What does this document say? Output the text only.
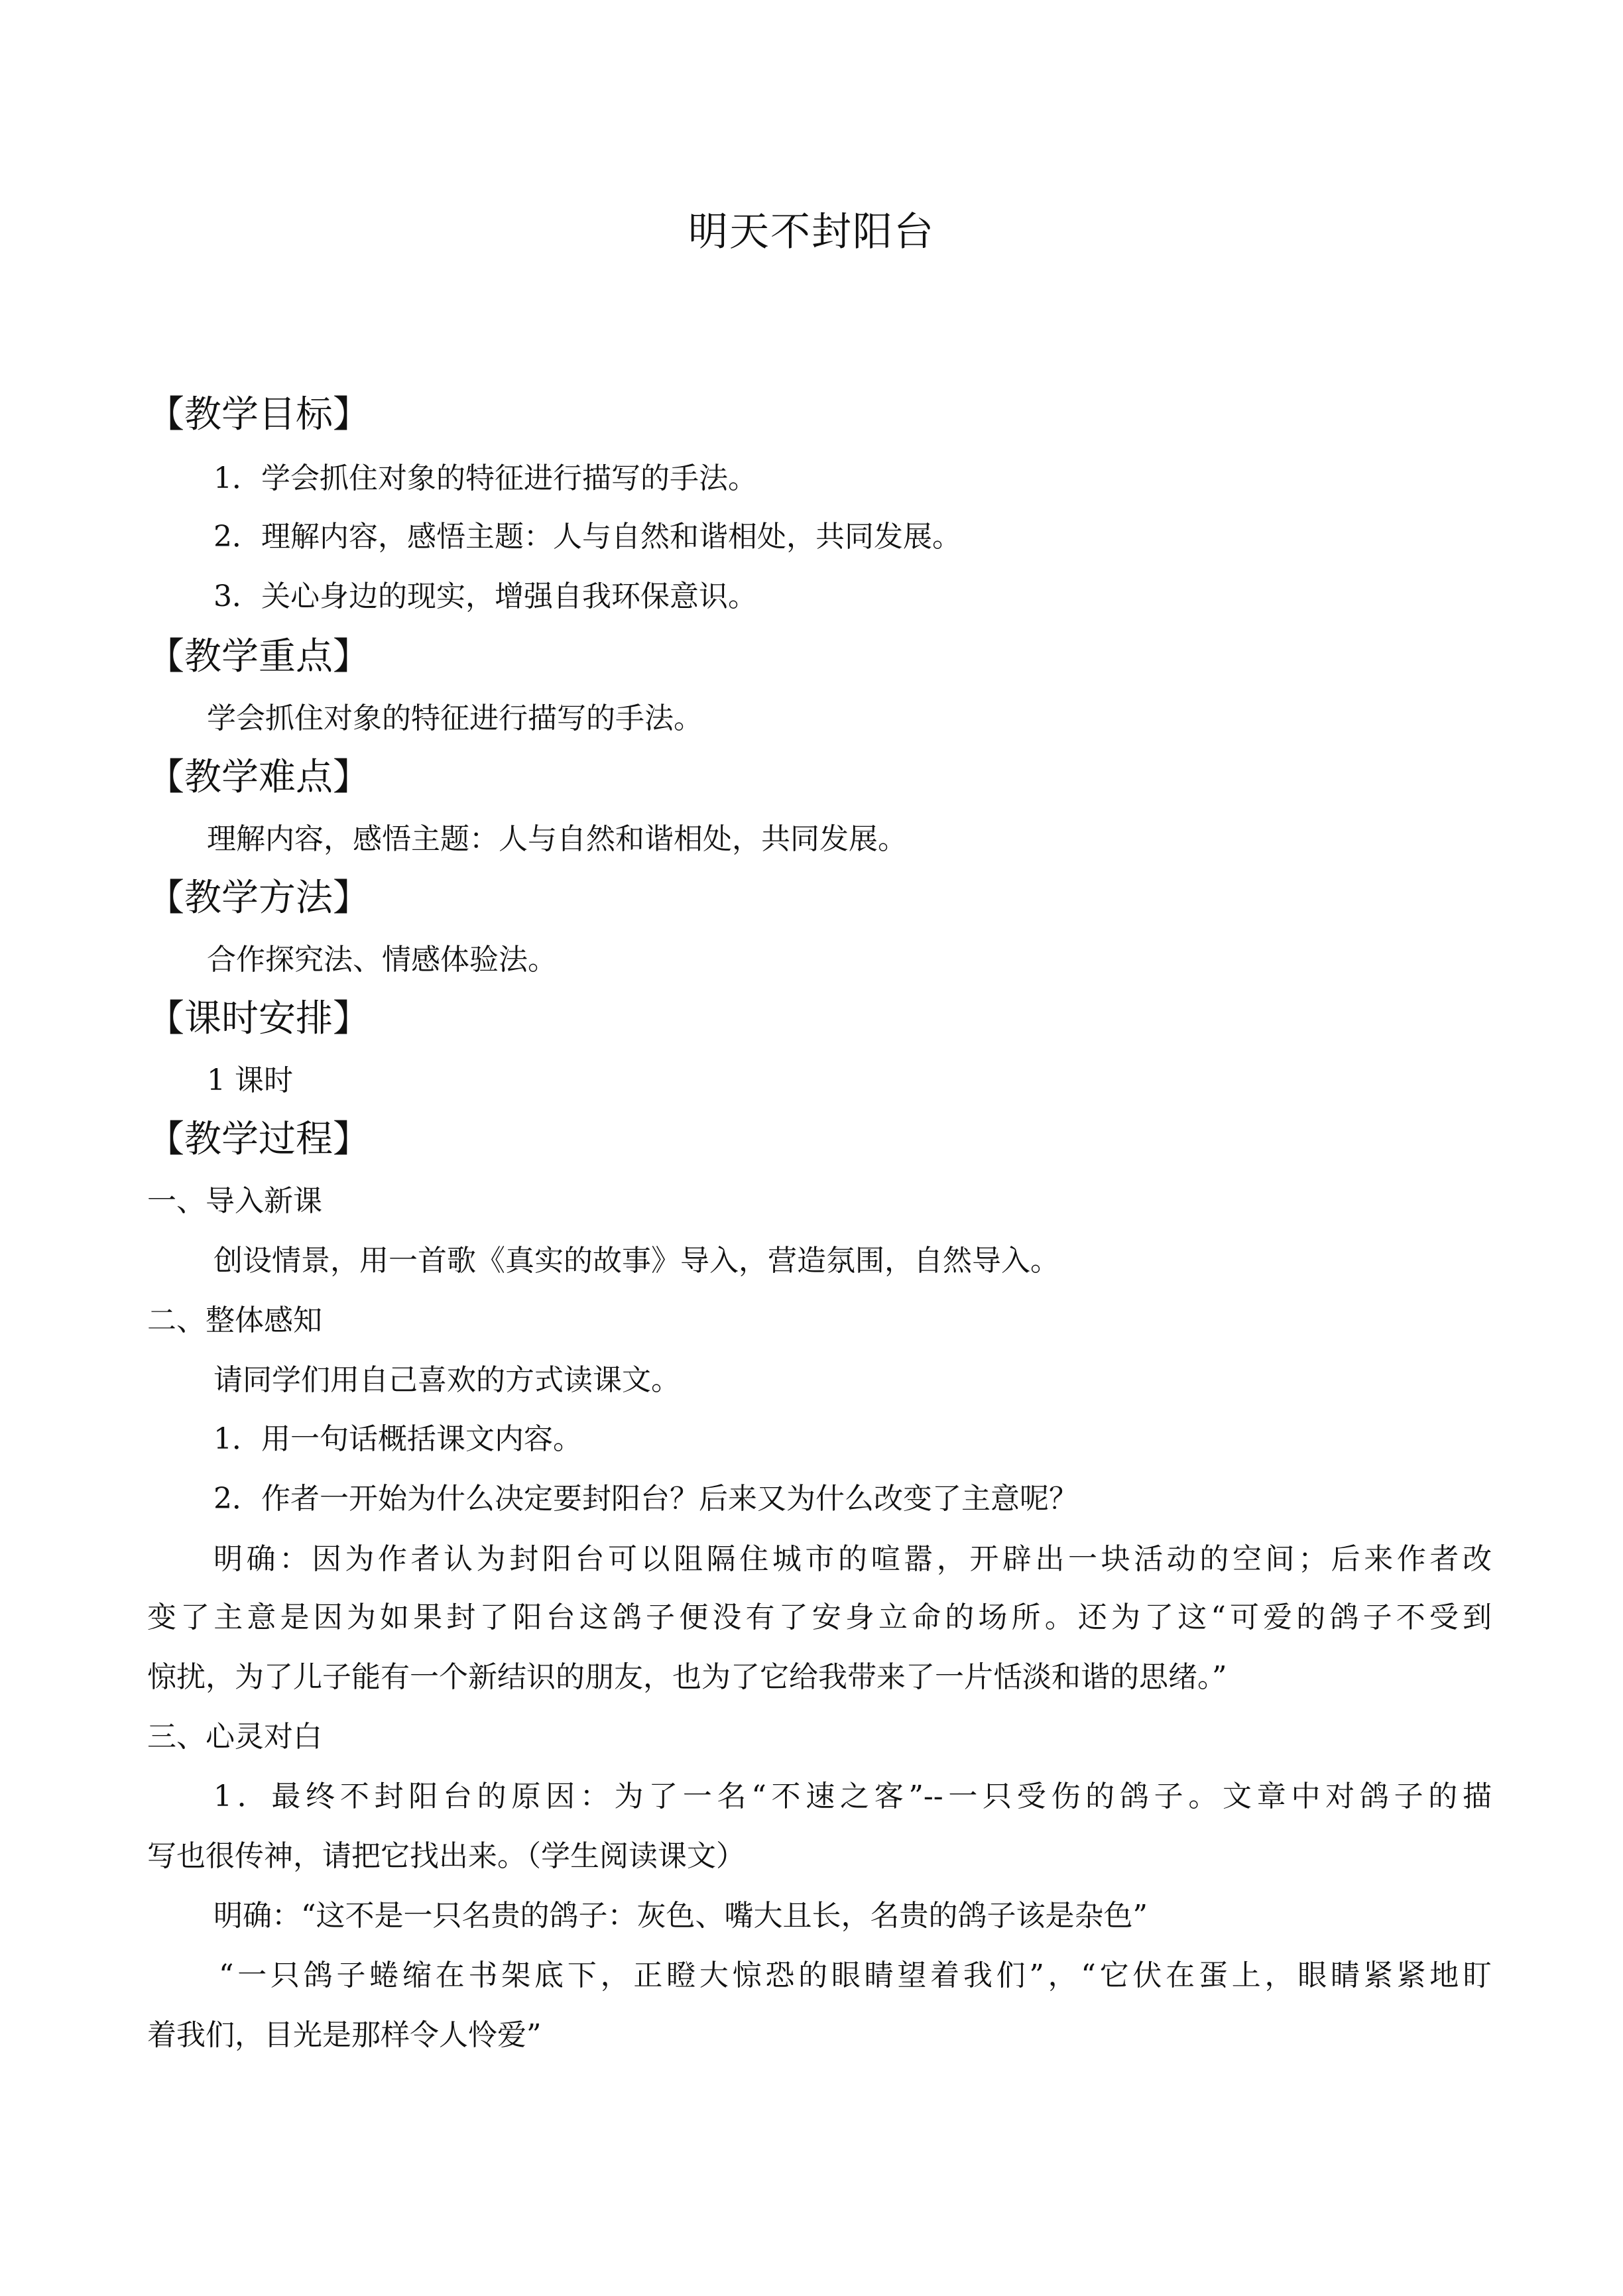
明天不封阳台
【教学目标】
1．学会抓住对象的特征进行描写的手法。
2．理解内容，感悟主题：人与自然和谐相处，共同发展。
3．关心身边的现实，增强自我环保意识。
【教学重点】
学会抓住对象的特征进行描写的手法。
【教学难点】
理解内容，感悟主题：人与自然和谐相处，共同发展。
【教学方法】
合作探究法、情感体验法。
【课时安排】
1 课时
【教学过程】
一、导入新课
创设情景，用一首歌《真实的故事》导入，营造氛围，自然导入。
二、整体感知
请同学们用自己喜欢的方式读课文。
1．用一句话概括课文内容。
2．作者一开始为什么决定要封阳台？后来又为什么改变了主意呢？
明确：因为作者认为封阳台可以阻隔住城市的喧嚣，开辟出一块活动的空间；后来作者改
变了主意是因为如果封了阳台这鸽子便没有了安身立命的场所。还为了这“可爱的鸽子不受到
惊扰，为了儿子能有一个新结识的朋友，也为了它给我带来了一片恬淡和谐的思绪。”
三、心灵对白
1．最终不封阳台的原因：为了一名“不速之客”--一只受伤的鸽子。文章中对鸽子的描
写也很传神，请把它找出来。（学生阅读课文）
明确：“这不是一只名贵的鸽子：灰色、嘴大且长，名贵的鸽子该是杂色”
“一只鸽子蜷缩在书架底下，正瞪大惊恐的眼睛望着我们”，“它伏在蛋上，眼睛紧紧地盯
着我们，目光是那样令人怜爱”
